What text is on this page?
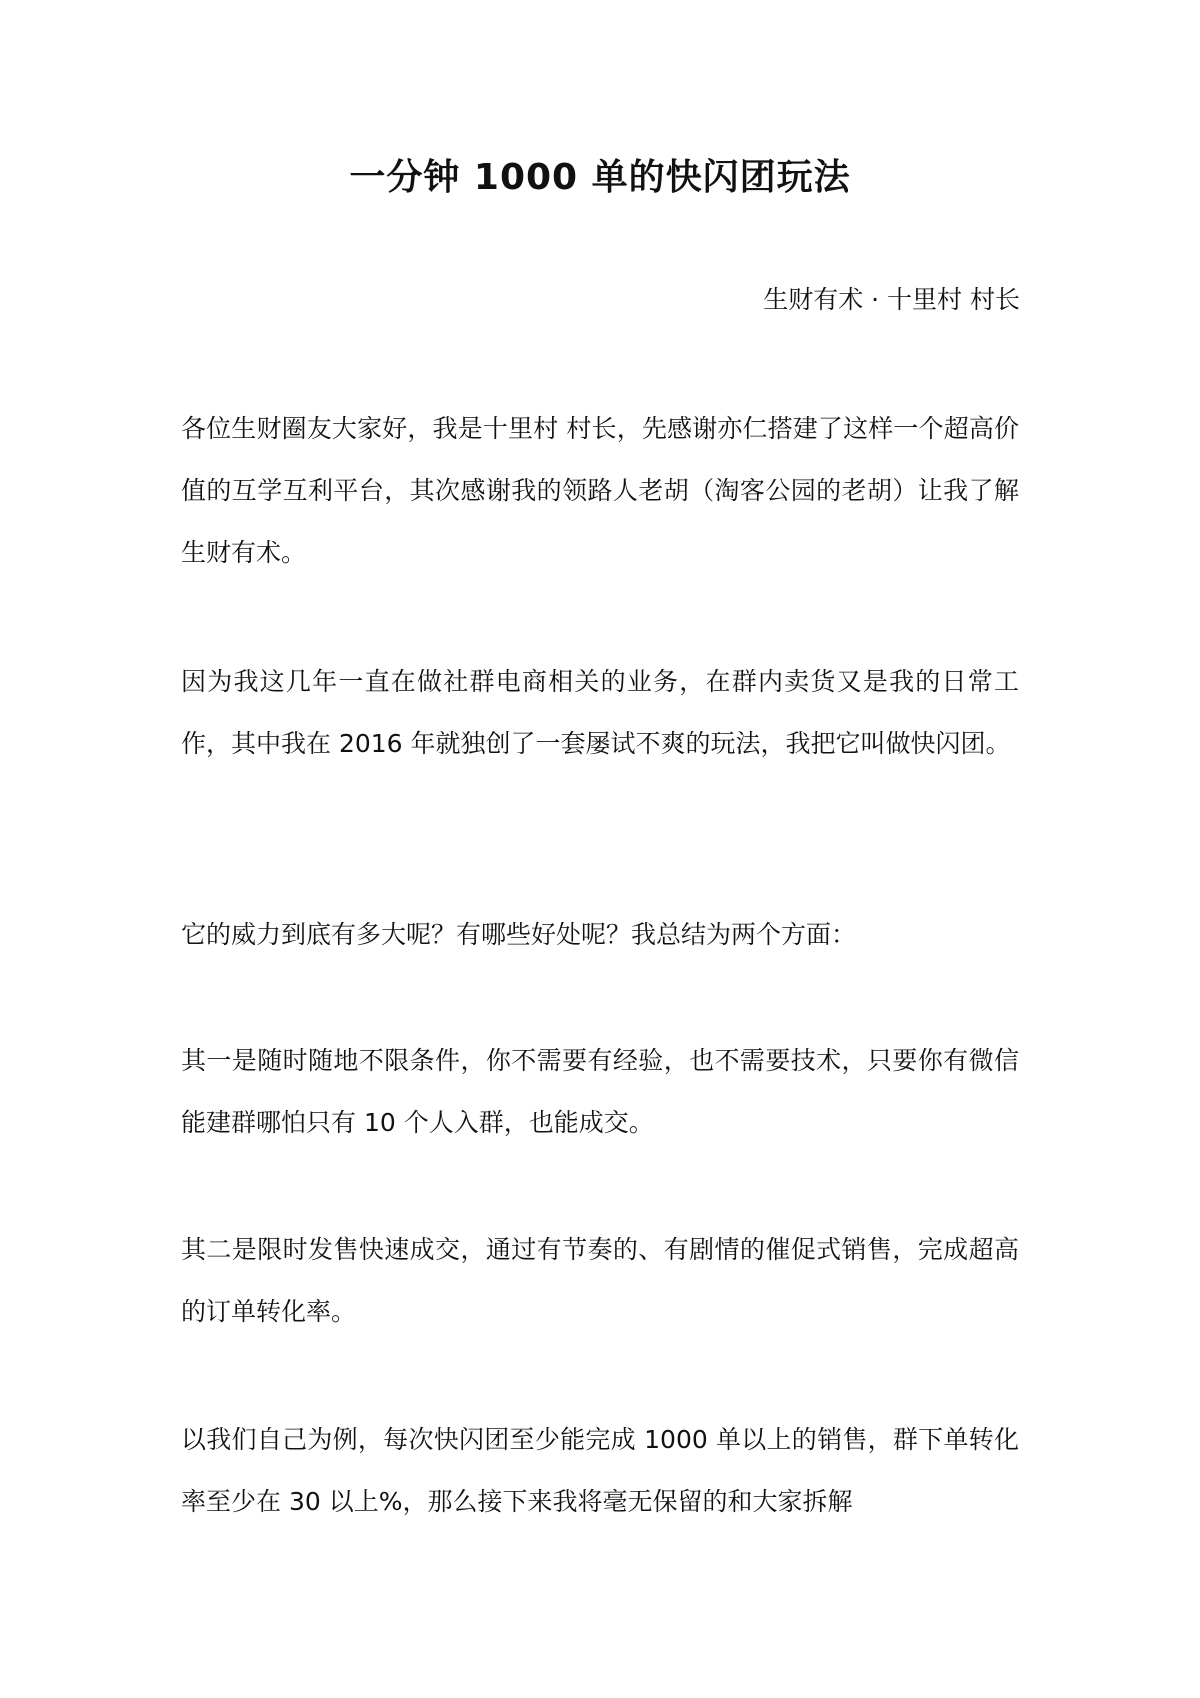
一分钟 1000 单的快闪团玩法

生财有术 · 十里村 村长

各位生财圈友大家好，我是十里村 村长，先感谢亦仁搭建了这样一个超高价值的互学互利平台，其次感谢我的领路人老胡（淘客公园的老胡）让我了解生财有术。

因为我这几年一直在做社群电商相关的业务，在群内卖货又是我的日常工作，其中我在 2016 年就独创了一套屡试不爽的玩法，我把它叫做快闪团。

它的威力到底有多大呢？有哪些好处呢？我总结为两个方面：

其一是随时随地不限条件，你不需要有经验，也不需要技术，只要你有微信能建群哪怕只有 10 个人入群，也能成交。

其二是限时发售快速成交，通过有节奏的、有剧情的催促式销售，完成超高的订单转化率。

以我们自己为例，每次快闪团至少能完成 1000 单以上的销售，群下单转化率至少在 30 以上%，那么接下来我将毫无保留的和大家拆解
